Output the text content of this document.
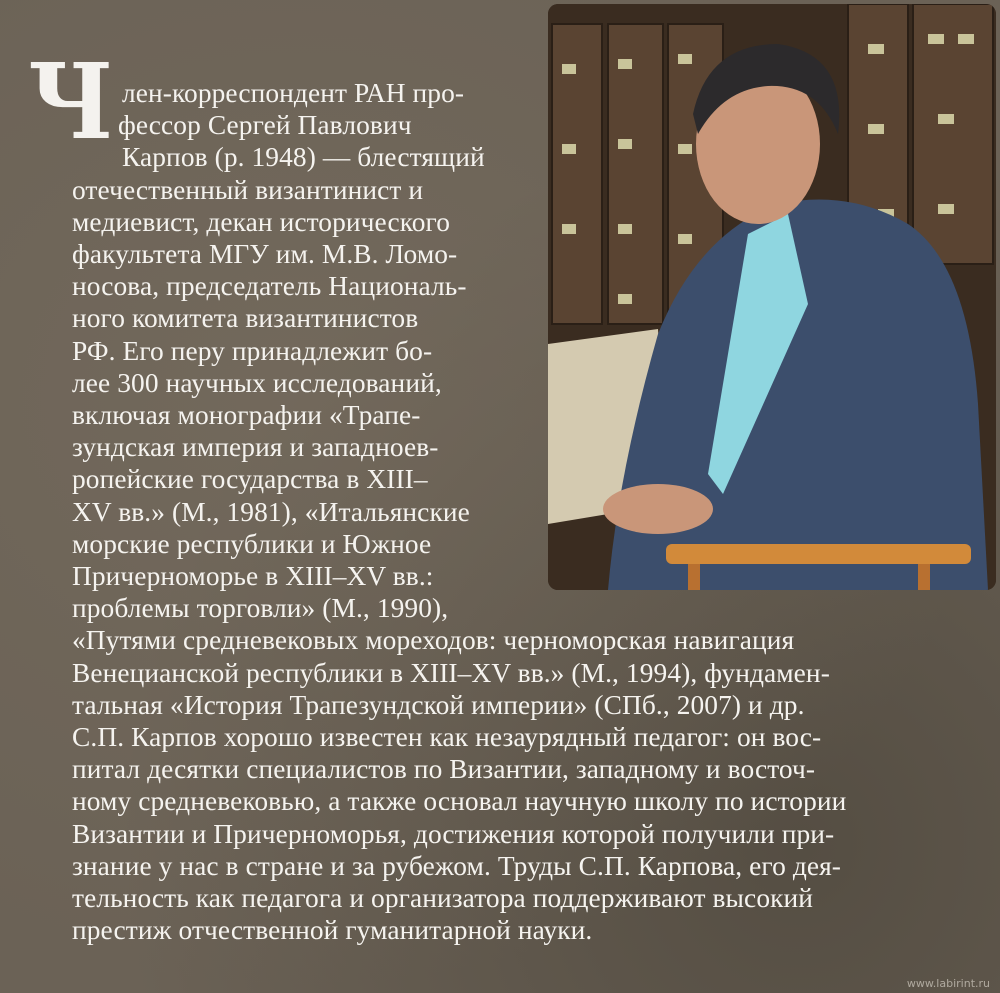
Ч лен-корреспондент РАН про-
фессор Сергей Павлович
Карпов (р. 1948) — блестящий
отечественный византинист и
медиевист, декан исторического
факультета МГУ им. М.В. Ломо-
носова, председатель Националь-
ного комитета византинистов
РФ. Его перу принадлежит бо-
лее 300 научных исследований,
включая монографии «Трапе-
зундская империя и западноев-
ропейские государства в XIII–
XV вв.» (М., 1981), «Итальянские
морские республики и Южное
Причерноморье в XIII–XV вв.:
проблемы торговли» (М., 1990),
«Путями средневековых мореходов: черноморская навигация
Венецианской республики в XIII–XV вв.» (М., 1994), фундамен-
тальная «История Трапезундской империи» (СПб., 2007) и др.
С.П. Карпов хорошо известен как незаурядный педагог: он вос-
питал десятки специалистов по Византии, западному и восточ-
ному средневековью, а также основал научную школу по истории
Византии и Причерноморья, достижения которой получили при-
знание у нас в стране и за рубежом. Труды С.П. Карпова, его дея-
тельность как педагога и организатора поддерживают высокий
престиж отчественной гуманитарной науки.
www.labirint.ru
